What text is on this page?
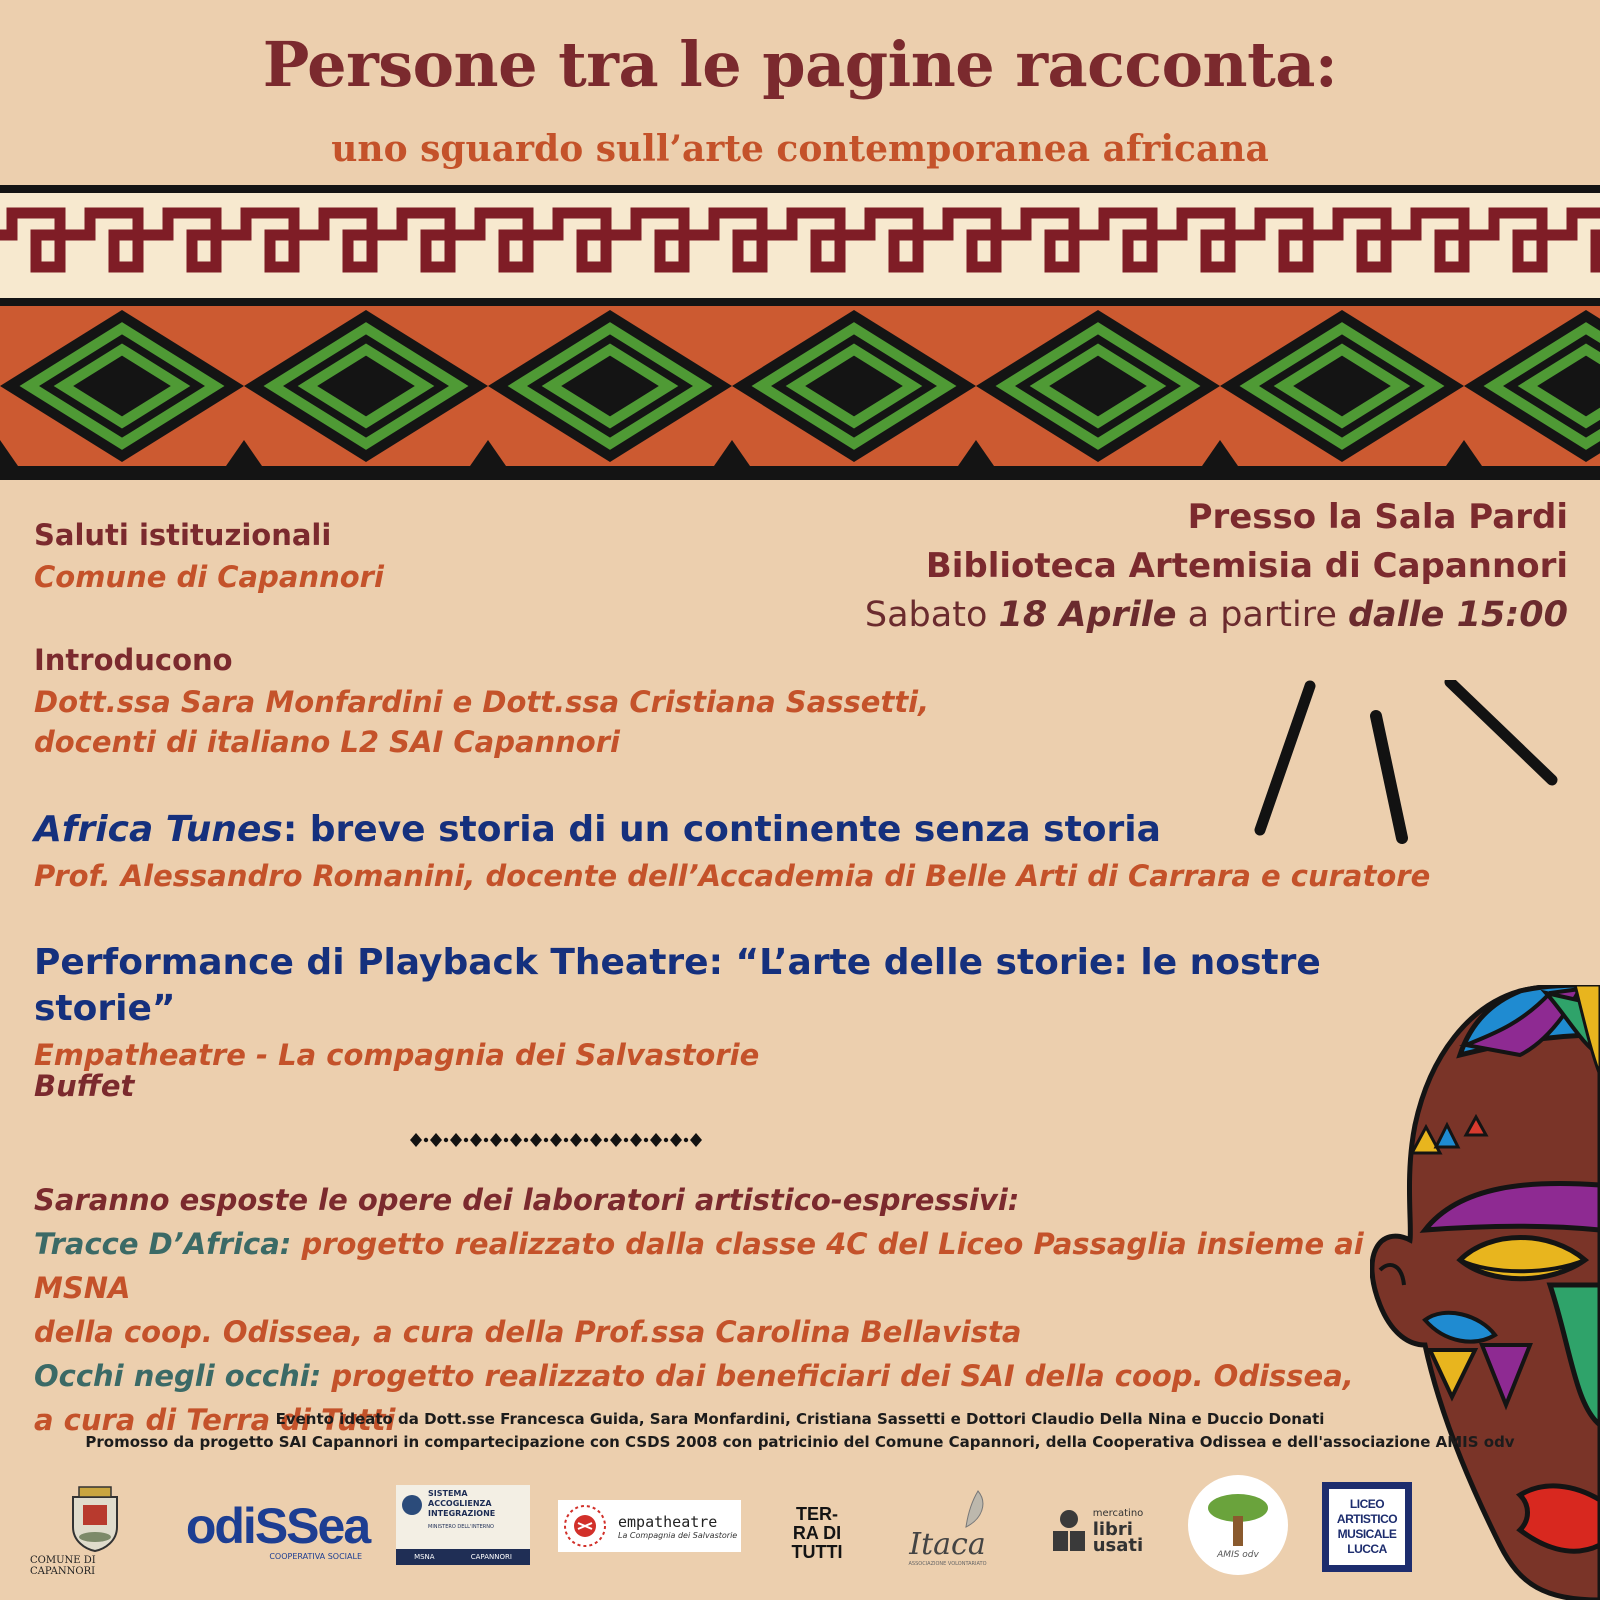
Persone tra le pagine racconta:
uno sguardo sull’arte contemporanea africana
Presso la Sala Pardi
Biblioteca Artemisia di Capannori
Sabato 18 Aprile a partire dalle 15:00

Saluti istituzionali

Comune di Capannori

Introducono

Dott.ssa Sara Monfardini e Dott.ssa Cristiana Sassetti,

docenti di italiano L2 SAI Capannori

Africa Tunes: breve storia di un continente senza storia

Prof. Alessandro Romanini, docente dell’Accademia di Belle Arti di Carrara e curatore

Performance di Playback Theatre: “L’arte delle storie: le nostre storie”

Empatheatre - La compagnia dei Salvastorie

Buffet

Saranno esposte le opere dei laboratori artistico-espressivi:

Tracce D’Africa: progetto realizzato dalla classe 4C del Liceo Passaglia insieme ai MSNA

della coop. Odissea, a cura della Prof.ssa Carolina Bellavista

Occhi negli occhi: progetto realizzato dai beneficiari dei SAI della coop. Odissea,

a cura di Terra di Tutti

Evento ideato da Dott.sse Francesca Guida, Sara Monfardini, Cristiana Sassetti e Dottori Claudio Della Nina e Duccio Donati
Promosso da progetto SAI Capannori in compartecipazione con CSDS 2008 con patricinio del Comune Capannori, della Cooperativa Odissea e dell'associazione AMIS odv
COMUNE DI CAPANNORI
odiSSea
COOPERATIVA SOCIALE
SISTEMA
ACCOGLIENZA
INTEGRAZIONE
MINISTERO DELL'INTERNO
MSNA	CAPANNORI
empatheatre
La Compagnia dei Salvastorie
TER-
RA DI
TUTTI Itaca
ASSOCIAZIONE VOLONTARIATO
mercatino
libri
usati	AMIS odv
LICEO
ARTISTICO
MUSICALE
LUCCA
